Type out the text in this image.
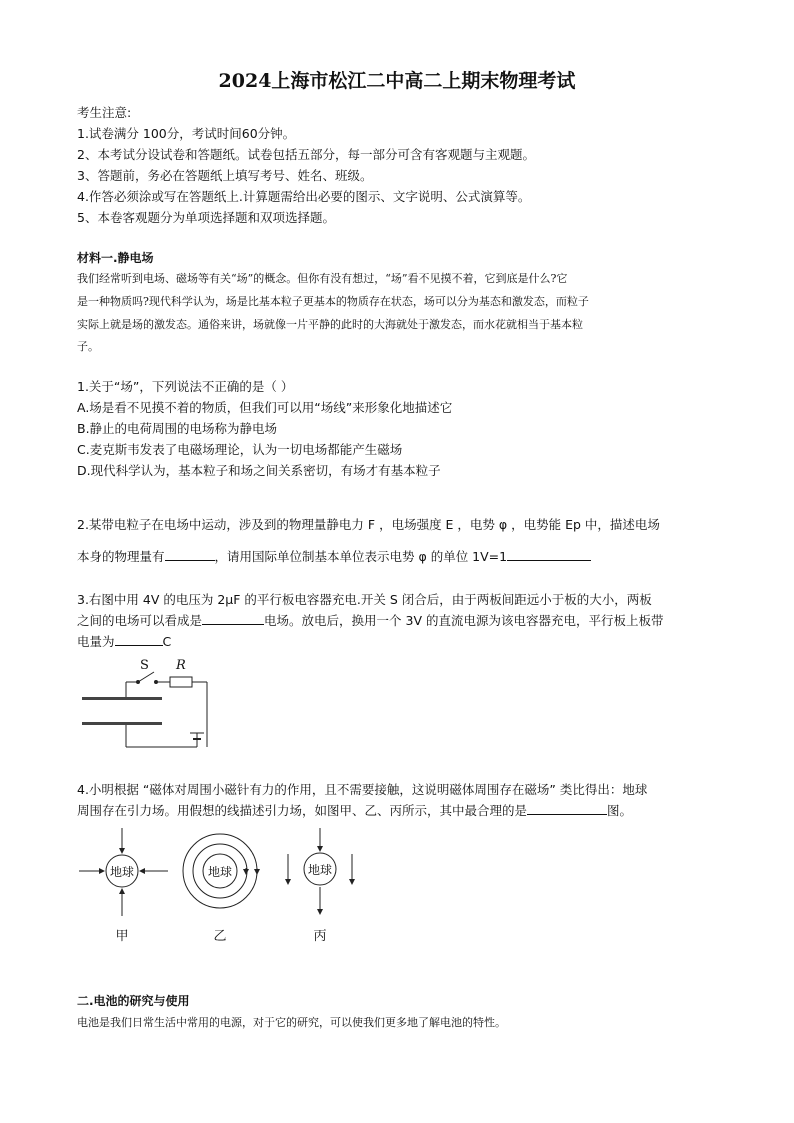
2024上海市松江二中高二上期末物理考试
考生注意:
1.试卷满分 100分，考试时间60分钟。
2、本考试分设试卷和答题纸。试卷包括五部分，每一部分可含有客观题与主观题。
3、答题前，务必在答题纸上填写考号、姓名、班级。
4.作答必须涂或写在答题纸上.计算题需给出必要的图示、文字说明、公式演算等。
5、本卷客观题分为单项选择题和双项选择题。
材料一.静电场
我们经常听到电场、磁场等有关“场”的概念。但你有没有想过，“场”看不见摸不着，它到底是什么?它
是一种物质吗?现代科学认为，场是比基本粒子更基本的物质存在状态，场可以分为基态和激发态，而粒子
实际上就是场的激发态。通俗来讲，场就像一片平静的此时的大海就处于激发态，而水花就相当于基本粒
子。
1.关于“场”，下列说法不正确的是（ ）
A.场是看不见摸不着的物质，但我们可以用“场线”来形象化地描述它
B.静止的电荷周围的电场称为静电场
C.麦克斯韦发表了电磁场理论，认为一切电场都能产生磁场
D.现代科学认为，基本粒子和场之间关系密切，有场才有基本粒子
2.某带电粒子在电场中运动，涉及到的物理量静电力 F ，电场强度 E ，电势 φ ，电势能 Ep 中，描述电场
本身的物理量有	，请用国际单位制基本单位表示电势 φ 的单位 1V=1
3.右图中用 4V 的电压为 2μF 的平行板电容器充电.开关 S 闭合后，由于两板间距远小于板的大小，两板
之间的电场可以看成是	电场。放电后，换用一个 3V 的直流电源为该电容器充电，平行板上板带
电量为	C
S R
4.小明根据 “磁体对周围小磁针有力的作用，且不需要接触，这说明磁体周围存在磁场” 类比得出：地球
周围存在引力场。用假想的线描述引力场，如图甲、乙、丙所示，其中最合理的是	图。
地球
甲
地球
乙
地球
丙
二.电池的研究与使用
电池是我们日常生活中常用的电源，对于它的研究，可以使我们更多地了解电池的特性。
